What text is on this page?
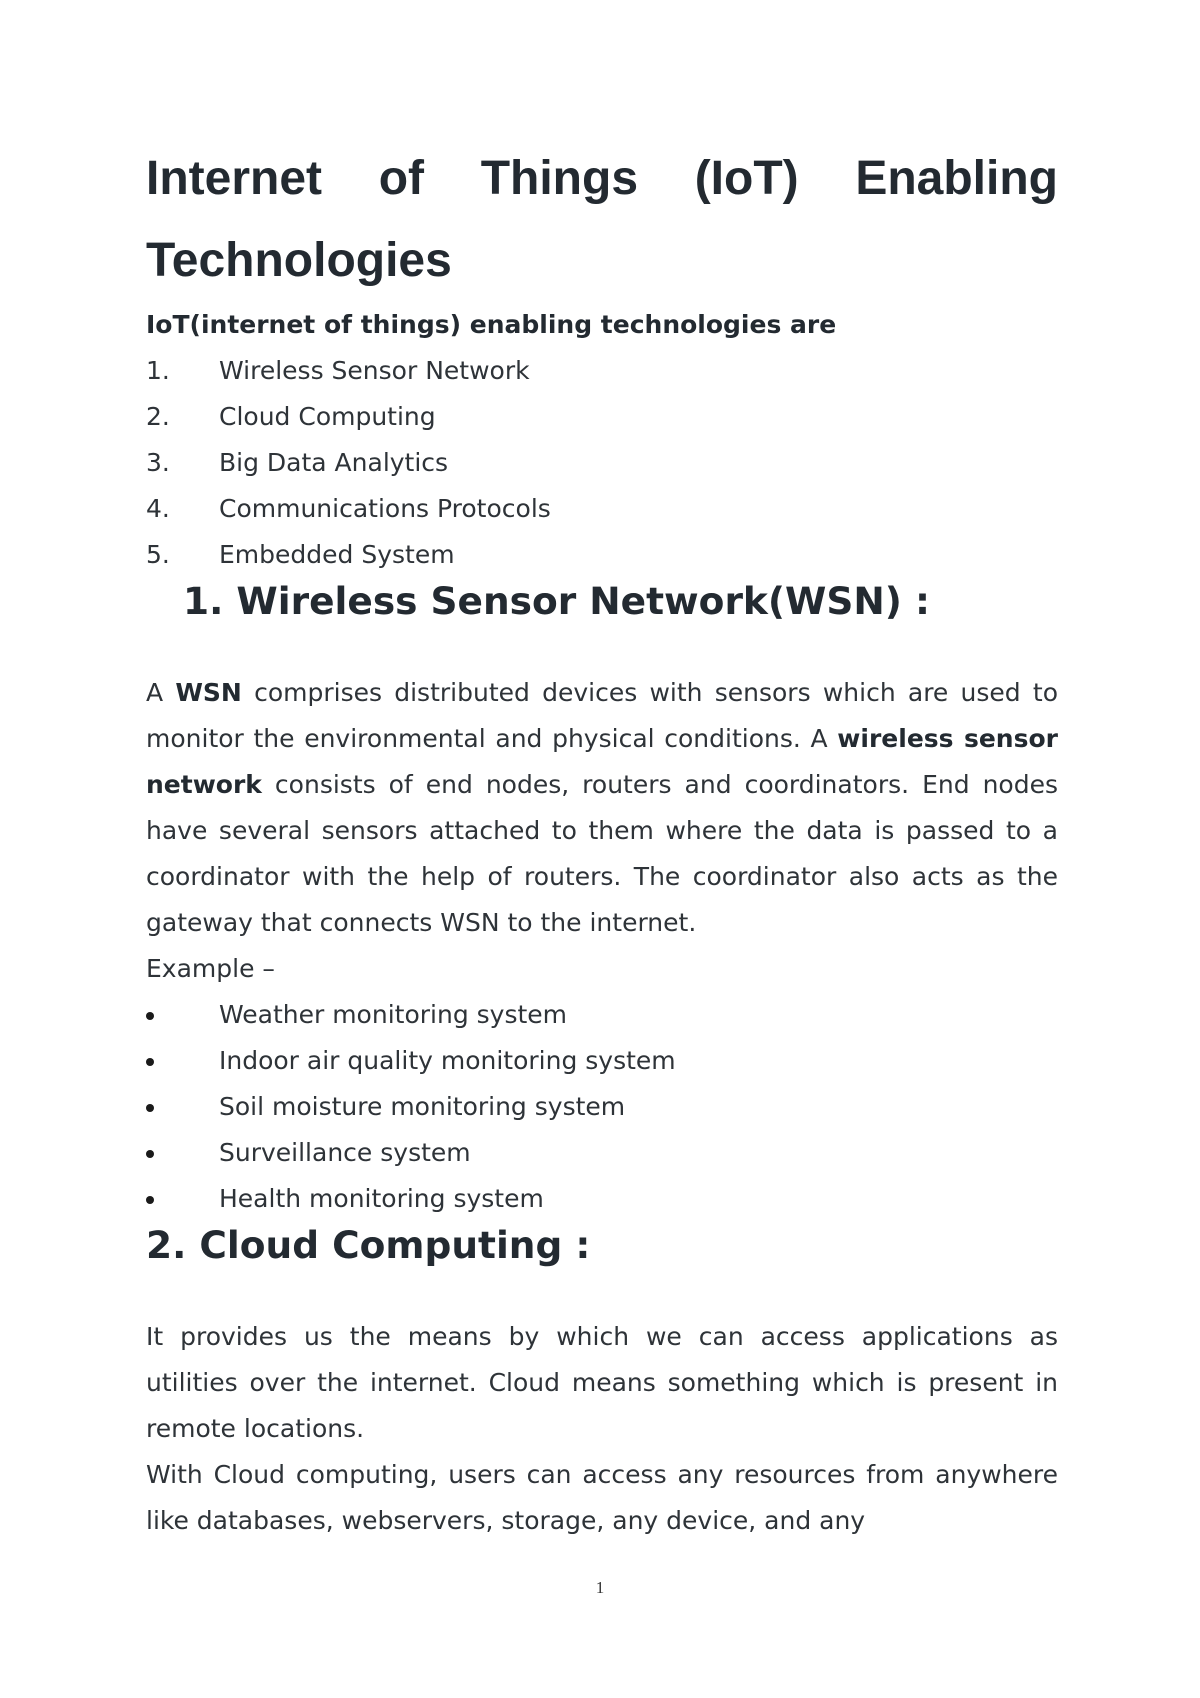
Internet of Things (IoT) Enabling Technologies

IoT(internet of things) enabling technologies are

1. Wireless Sensor Network
2. Cloud Computing
3. Big Data Analytics
4. Communications Protocols
5. Embedded System
1. Wireless Sensor Network(WSN) :

A WSN comprises distributed devices with sensors which are used to monitor the environmental and physical conditions. A wireless sensor network consists of end nodes, routers and coordinators. End nodes have several sensors attached to them where the data is passed to a coordinator with the help of routers. The coordinator also acts as the gateway that connects WSN to the internet.

Example –

Weather monitoring system
Indoor air quality monitoring system
Soil moisture monitoring system
Surveillance system
Health monitoring system
2. Cloud Computing :

It provides us the means by which we can access applications as utilities over the internet. Cloud means something which is present in remote locations.

With Cloud computing, users can access any resources from anywhere like databases, webservers, storage, any device, and any

1
